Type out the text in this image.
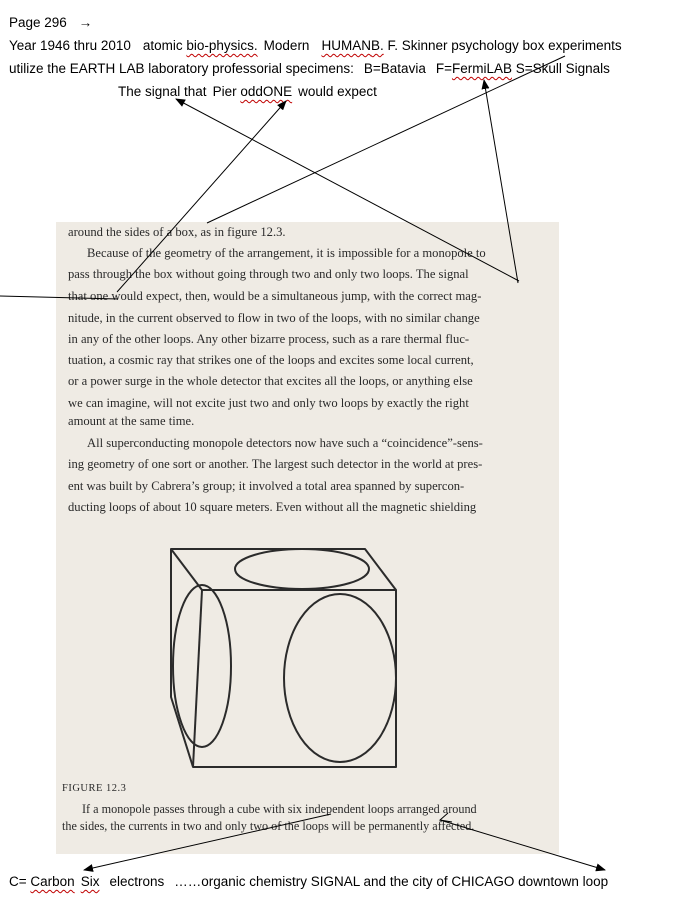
Page 296 →
Year 1946 thru 2010 atomic bio-physics. Modern HUMANB. F. Skinner psychology box experiments
utilize the EARTH LAB laboratory professorial specimens: B=Batavia F=FermiLAB S=Skull Signals
The signal that Pier oddONE would expect
C= Carbon Six electrons ……organic chemistry SIGNAL and the city of CHICAGO downtown loop
around the sides of a box, as in figure 12.3.
Because of the geometry of the arrangement, it is impossible for a monopole to
pass through the box without going through two and only two loops. The signal
that one would expect, then, would be a simultaneous jump, with the correct mag-
nitude, in the current observed to flow in two of the loops, with no similar change
in any of the other loops. Any other bizarre process, such as a rare thermal fluc-
tuation, a cosmic ray that strikes one of the loops and excites some local current,
or a power surge in the whole detector that excites all the loops, or anything else
we can imagine, will not excite just two and only two loops by exactly the right
amount at the same time.
All superconducting monopole detectors now have such a “coincidence”-sens-
ing geometry of one sort or another. The largest such detector in the world at pres-
ent was built by Cabrera’s group; it involved a total area spanned by supercon-
ducting loops of about 10 square meters. Even without all the magnetic shielding
FIGURE 12.3
If a monopole passes through a cube with six independent loops arranged around
the sides, the currents in two and only two of the loops will be permanently affected.
